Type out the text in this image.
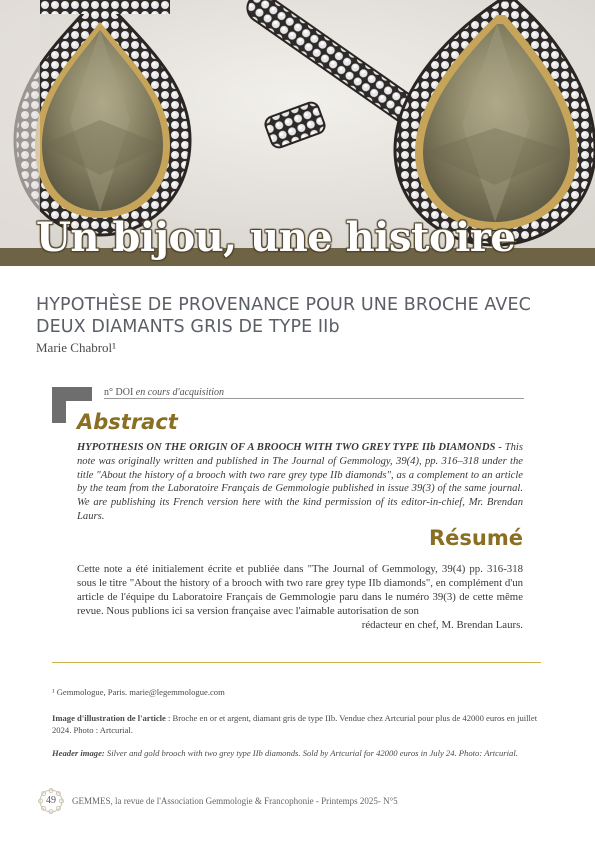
Un bijou, une histoire
HYPOTHÈSE DE PROVENANCE POUR UNE BROCHE AVEC DEUX DIAMANTS GRIS DE TYPE IIb
Marie Chabrol¹
n° DOI en cours d'acquisition
Abstract
HYPOTHESIS ON THE ORIGIN OF A BROOCH WITH TWO GREY TYPE IIb DIAMONDS - This note was originally written and published in The Journal of Gemmology, 39(4), pp. 316–318 under the title "About the history of a brooch with two rare grey type IIb diamonds", as a complement to an article by the team from the Laboratoire Français de Gemmologie published in issue 39(3) of the same journal. We are publishing its French version here with the kind permission of its editor-in-chief, Mr. Brendan Laurs.
Résumé
Cette note a été initialement écrite et publiée dans "The Journal of Gemmology, 39(4) pp. 316-318 sous le titre "About the history of a brooch with two rare grey type IIb diamonds", en complément d'un article de l'équipe du Laboratoire Français de Gemmologie paru dans le numéro 39(3) de cette même revue. Nous publions ici sa version française avec l'aimable autorisation de son
rédacteur en chef, M. Brendan Laurs.
¹ Gemmologue, Paris. marie@legemmologue.com
Image d'illustration de l'article : Broche en or et argent, diamant gris de type IIb. Vendue chez Artcurial pour plus de 42000 euros en juillet 2024. Photo : Artcurial.
Header image: Silver and gold brooch with two grey type IIb diamonds. Sold by Artcurial for 42000 euros in July 24. Photo: Artcurial.
49	GEMMES, la revue de l'Association Gemmologie & Francophonie - Printemps 2025- N°5
